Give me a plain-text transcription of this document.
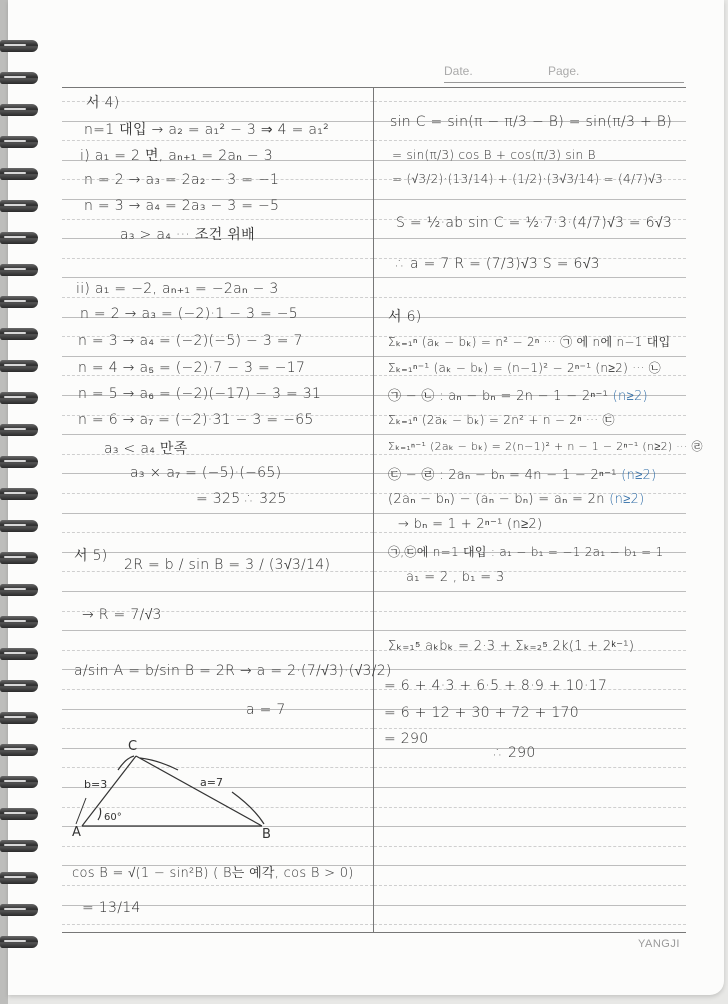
Date.	Page.
YANGJI
서 4)
n=1 대입 → a₂ = a₁² − 3 ⇒ 4 = a₁²
i) a₁ = 2 면, aₙ₊₁ = 2aₙ − 3
n = 2 → a₃ = 2a₂ − 3 = −1
n = 3 → a₄ = 2a₃ − 3 = −5
a₃ > a₄ ··· 조건 위배
ii) a₁ = −2, aₙ₊₁ = −2aₙ − 3
n = 2 → a₃ = (−2)·1 − 3 = −5
n = 3 → a₄ = (−2)(−5) − 3 = 7
n = 4 → a₅ = (−2)·7 − 3 = −17
n = 5 → a₆ = (−2)(−17) − 3 = 31
n = 6 → a₇ = (−2)·31 − 3 = −65
a₃ < a₄ 만족
a₃ × a₇ = (−5)·(−65)
= 325 ∴ 325
서 5)
2R = b / sin B = 3 / (3√3/14)
→ R = 7/√3
a/sin A = b/sin B = 2R → a = 2·(7/√3)·(√3/2)
a = 7
A	B
C
b=3	a=7
60°
cos B = √(1 − sin²B) ( B는 예각, cos B > 0)
= 13/14
sin C = sin(π − π/3 − B) = sin(π/3 + B)
= sin(π/3) cos B + cos(π/3) sin B
= (√3/2)·(13/14) + (1/2)·(3√3/14) = (4/7)√3
S = ½·ab sin C = ½·7·3·(4/7)√3 = 6√3
∴ a = 7 R = (7/3)√3 S = 6√3
서 6)
Σₖ₌₁ⁿ (aₖ − bₖ) = n² − 2ⁿ ··· ㉠ 에 n에 n−1 대입
Σₖ₌₁ⁿ⁻¹ (aₖ − bₖ) = (n−1)² − 2ⁿ⁻¹ (n≥2) ··· ㉡
㉠ − ㉡ : aₙ − bₙ = 2n − 1 − 2ⁿ⁻¹ (n≥2)
Σₖ₌₁ⁿ (2aₖ − bₖ) = 2n² + n − 2ⁿ ··· ㉢
Σₖ₌₁ⁿ⁻¹ (2aₖ − bₖ) = 2(n−1)² + n − 1 − 2ⁿ⁻¹ (n≥2) ··· ㉣
㉢ − ㉣ : 2aₙ − bₙ = 4n − 1 − 2ⁿ⁻¹ (n≥2)
(2aₙ − bₙ) − (aₙ − bₙ) = aₙ = 2n (n≥2)
→ bₙ = 1 + 2ⁿ⁻¹ (n≥2)
㉠,㉢에 n=1 대입 : a₁ − b₁ = −1 2a₁ − b₁ = 1
a₁ = 2 , b₁ = 3
Σₖ₌₁⁵ aₖbₖ = 2·3 + Σₖ₌₂⁵ 2k(1 + 2ᵏ⁻¹)
= 6 + 4·3 + 6·5 + 8·9 + 10·17
= 6 + 12 + 30 + 72 + 170
= 290
∴ 290
